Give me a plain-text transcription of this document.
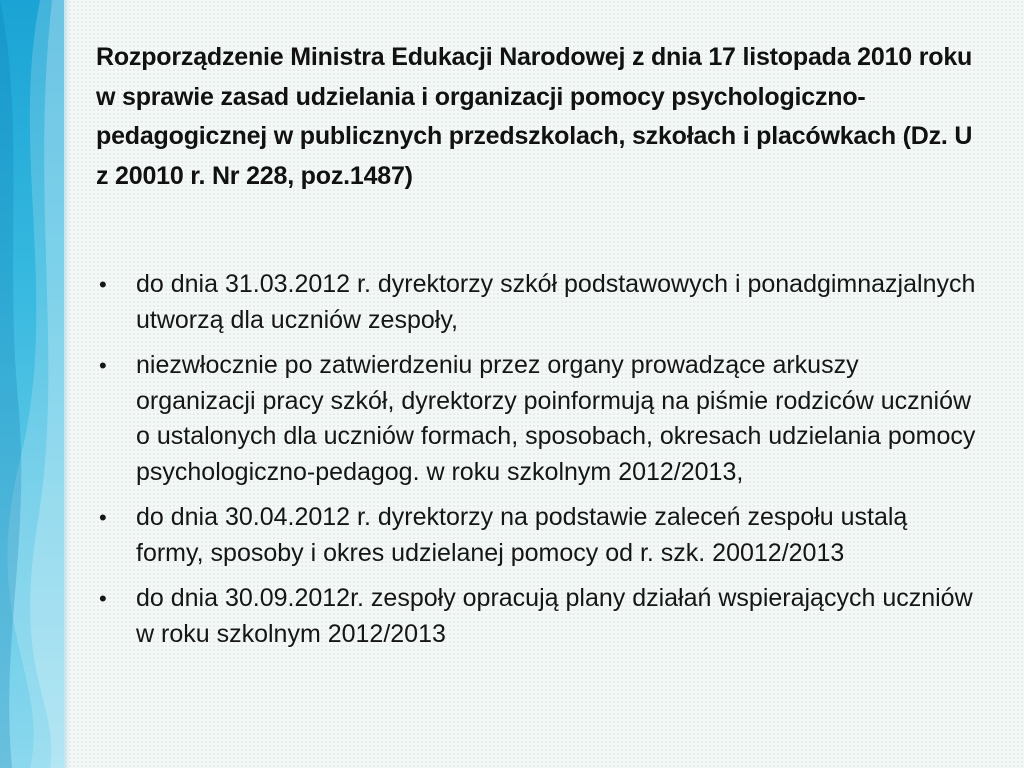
Rozporządzenie Ministra Edukacji Narodowej z dnia 17 listopada 2010 roku w sprawie zasad udzielania i organizacji pomocy psychologiczno-pedagogicznej w publicznych przedszkolach, szkołach i placówkach (Dz. U z 20010 r. Nr 228, poz.1487)
• do dnia 31.03.2012 r. dyrektorzy szkół podstawowych i ponadgimnazjalnych utworzą dla uczniów zespoły,
• niezwłocznie po zatwierdzeniu przez organy prowadzące arkuszy organizacji pracy szkół, dyrektorzy poinformują na piśmie rodziców uczniów o ustalonych dla uczniów formach, sposobach, okresach udzielania pomocy psychologiczno-pedagog. w roku szkolnym 2012/2013,
• do dnia 30.04.2012 r. dyrektorzy na podstawie zaleceń zespołu ustalą formy, sposoby i okres udzielanej pomocy od r. szk. 20012/2013
• do dnia 30.09.2012r. zespoły opracują plany działań wspierających uczniów w roku szkolnym 2012/2013
